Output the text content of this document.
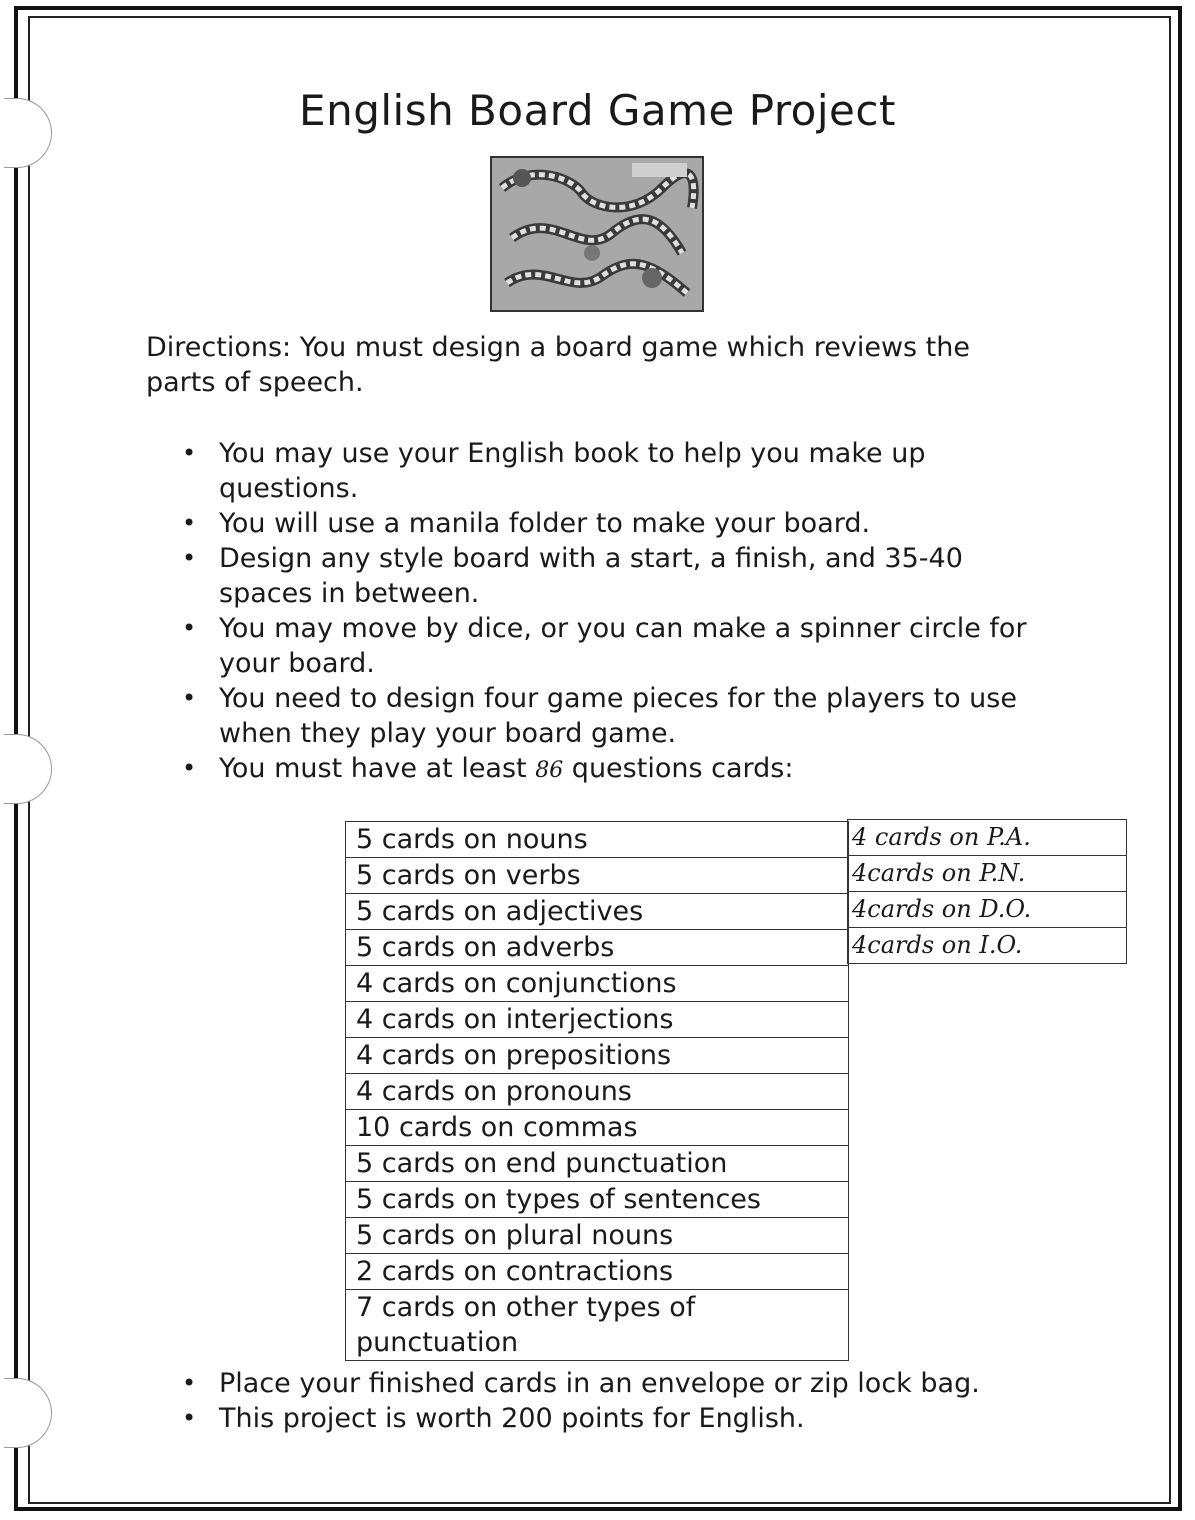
English Board Game Project
Directions: You must design a board game which reviews the parts of speech.
• You may use your English book to help you make up questions.
• You will use a manila folder to make your board.
• Design any style board with a start, a finish, and 35-40 spaces in between.
• You may move by dice, or you can make a spinner circle for your board.
• You need to design four game pieces for the players to use when they play your board game.
• You must have at least 86 questions cards:
5 cards on nouns
5 cards on verbs
5 cards on adjectives
5 cards on adverbs
4 cards on conjunctions
4 cards on interjections
4 cards on prepositions
4 cards on pronouns
10 cards on commas
5 cards on end punctuation
5 cards on types of sentences
5 cards on plural nouns
2 cards on contractions
7 cards on other types of punctuation
4 cards on P.A.
4cards on P.N.
4cards on D.O.
4cards on I.O.
• Place your finished cards in an envelope or zip lock bag.
• This project is worth 200 points for English.
